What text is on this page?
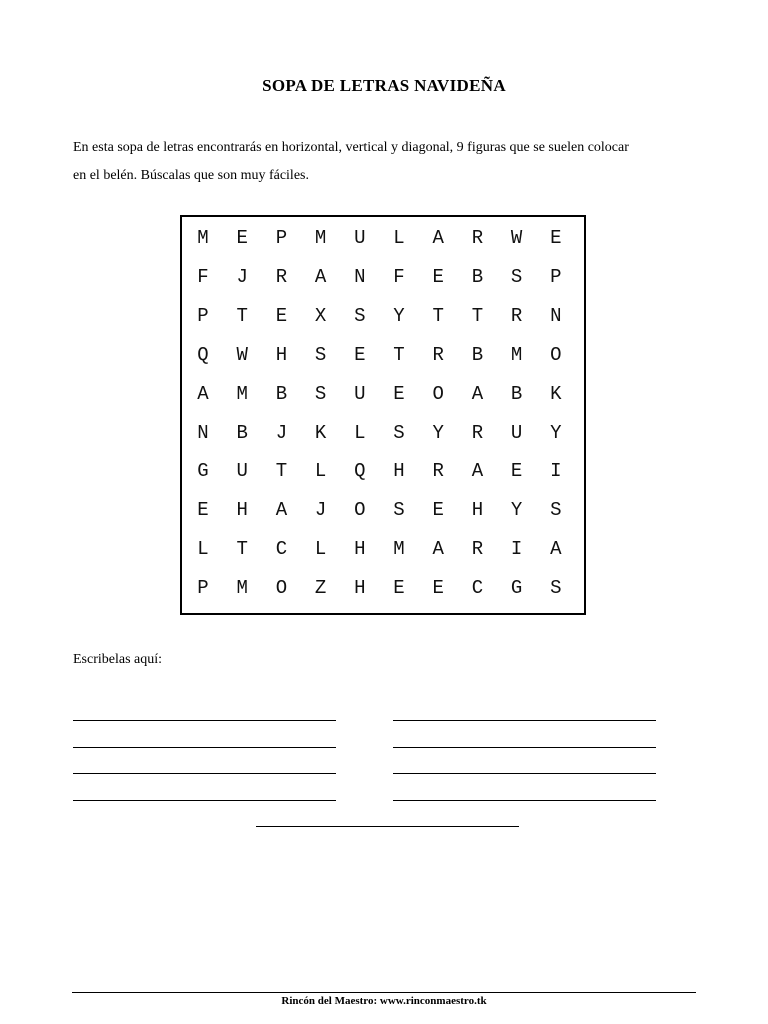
SOPA DE LETRAS NAVIDEÑA
En esta sopa de letras encontrarás en horizontal, vertical y diagonal, 9 figuras que se suelen colocar
en el belén. Búscalas que son muy fáciles.
M	E	P	M	U	L	A	R	W	E
F	J	R	A	N	F	E	B	S	P
P	T	E	X	S	Y	T	T	R	N
Q	W	H	S	E	T	R	B	M	O
A	M	B	S	U	E	O	A	B	K
N	B	J	K	L	S	Y	R	U	Y
G	U	T	L	Q	H	R	A	E	I
E	H	A	J	O	S	E	H	Y	S
L	T	C	L	H	M	A	R	I	A
P	M	O	Z	H	E	E	C	G	S
Escribelas aquí:
Rincón del Maestro: www.rinconmaestro.tk
